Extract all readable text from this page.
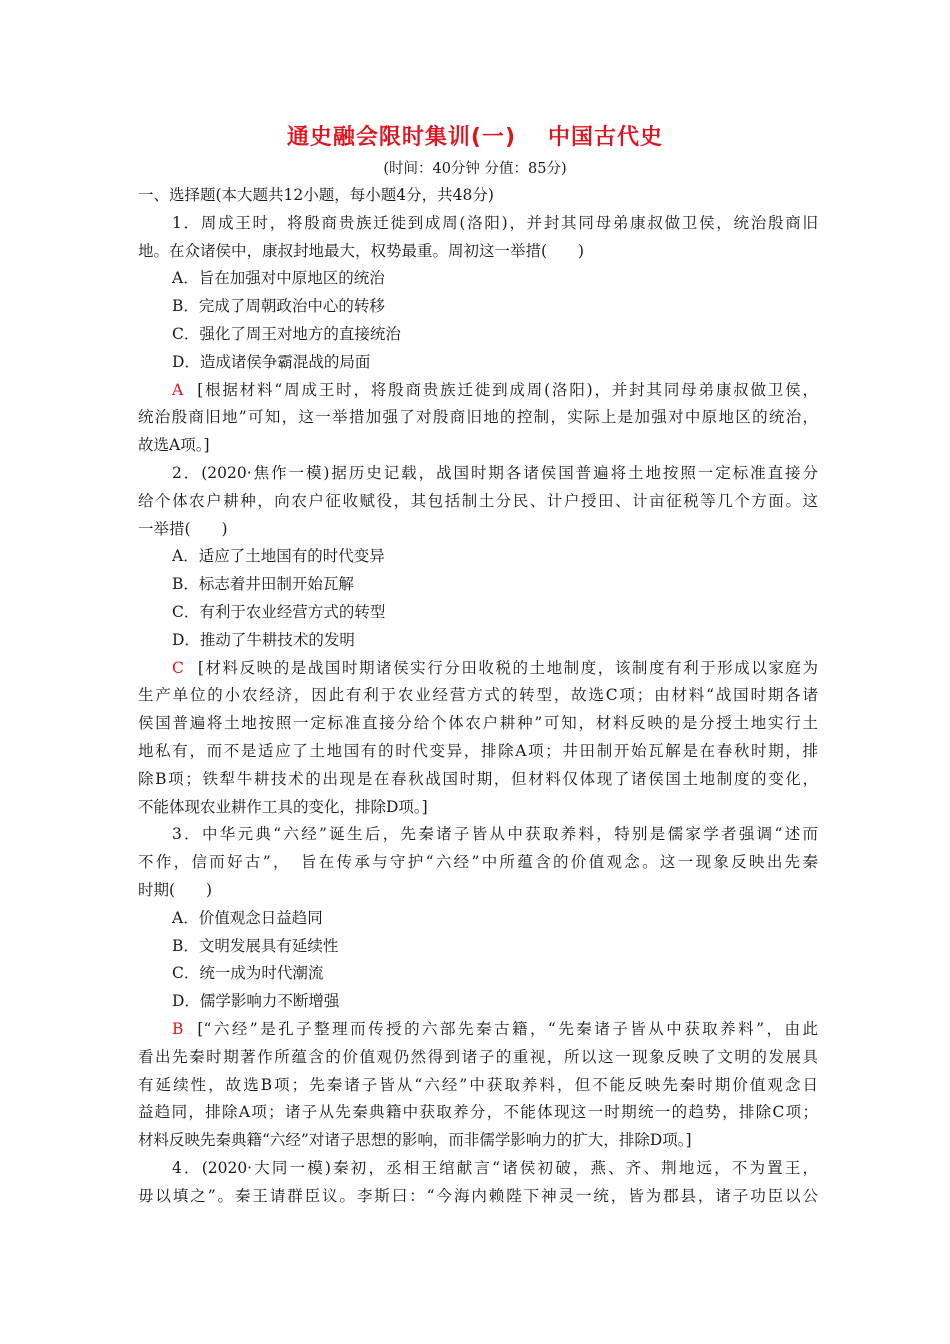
通史融会限时集训(一) 中国古代史
(时间：40分钟 分值：85分)
一、选择题(本大题共12小题，每小题4分，共48分)
1．周成王时，将殷商贵族迁徙到成周(洛阳)，并封其同母弟康叔做卫侯，统治殷商旧
地。在众诸侯中，康叔封地最大，权势最重。周初这一举措(　　)
A．旨在加强对中原地区的统治
B．完成了周朝政治中心的转移
C．强化了周王对地方的直接统治
D．造成诸侯争霸混战的局面
A [根据材料“周成王时，将殷商贵族迁徙到成周(洛阳)，并封其同母弟康叔做卫侯，
统治殷商旧地”可知，这一举措加强了对殷商旧地的控制，实际上是加强对中原地区的统治，
故选A项。]
2．(2020·焦作一模)据历史记载，战国时期各诸侯国普遍将土地按照一定标准直接分
给个体农户耕种，向农户征收赋役，其包括制土分民、计户授田、计亩征税等几个方面。这
一举措(　　)
A．适应了土地国有的时代变异
B．标志着井田制开始瓦解
C．有利于农业经营方式的转型
D．推动了牛耕技术的发明
C [材料反映的是战国时期诸侯实行分田收税的土地制度，该制度有利于形成以家庭为
生产单位的小农经济，因此有利于农业经营方式的转型，故选C项；由材料“战国时期各诸
侯国普遍将土地按照一定标准直接分给个体农户耕种”可知，材料反映的是分授土地实行土
地私有，而不是适应了土地国有的时代变异，排除A项；井田制开始瓦解是在春秋时期，排
除B项；铁犁牛耕技术的出现是在春秋战国时期，但材料仅体现了诸侯国土地制度的变化，
不能体现农业耕作工具的变化，排除D项。]
3．中华元典“六经”诞生后，先秦诸子皆从中获取养料，特别是儒家学者强调“述而
不作，信而好古”，　旨在传承与守护“六经”中所蕴含的价值观念。这一现象反映出先秦
时期(　　)
A．价值观念日益趋同
B．文明发展具有延续性
C．统一成为时代潮流
D．儒学影响力不断增强
B [“六经”是孔子整理而传授的六部先秦古籍，“先秦诸子皆从中获取养料”，由此
看出先秦时期著作所蕴含的价值观仍然得到诸子的重视，所以这一现象反映了文明的发展具
有延续性，故选B项；先秦诸子皆从“六经”中获取养料，但不能反映先秦时期价值观念日
益趋同，排除A项；诸子从先秦典籍中获取养分，不能体现这一时期统一的趋势，排除C项；
材料反映先秦典籍“六经”对诸子思想的影响，而非儒学影响力的扩大，排除D项。]
4．(2020·大同一模)秦初，丞相王绾献言“诸侯初破，燕、齐、荆地远，不为置王，
毋以填之”。秦王请群臣议。李斯曰：“今海内赖陛下神灵一统，皆为郡县，诸子功臣以公
